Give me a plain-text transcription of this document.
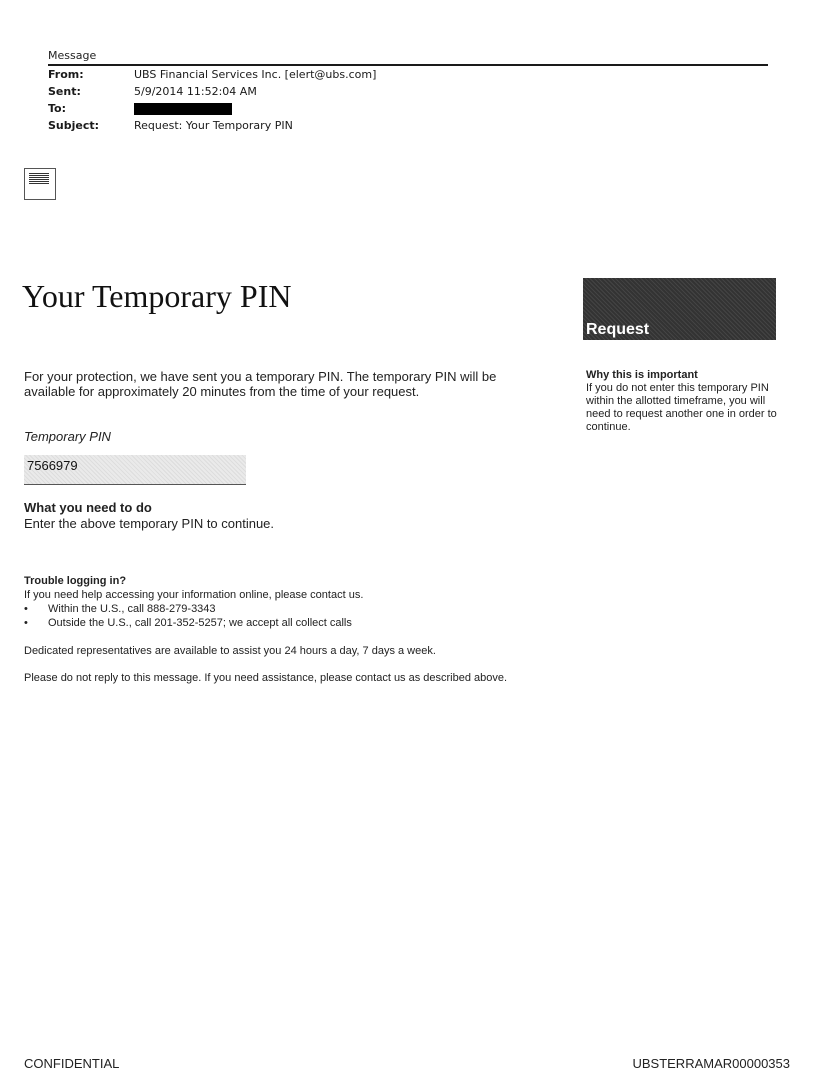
Message
From:	UBS Financial Services Inc. [elert@ubs.com]
Sent:	5/9/2014 11:52:04 AM
To:
Subject:	Request: Your Temporary PIN
Your Temporary PIN
Request
Why this is important
If you do not enter this temporary PIN within the allotted timeframe, you will need to request another one in order to continue.
For your protection, we have sent you a temporary PIN. The temporary PIN will be available for approximately 20 minutes from the time of your request.
Temporary PIN
7566979
What you need to do
Enter the above temporary PIN to continue.
Trouble logging in?
If you need help accessing your information online, please contact us.
• Within the U.S., call 888-279-3343
• Outside the U.S., call 201-352-5257; we accept all collect calls
Dedicated representatives are available to assist you 24 hours a day, 7 days a week.
Please do not reply to this message. If you need assistance, please contact us as described above.
CONFIDENTIAL	UBSTERRAMAR00000353
